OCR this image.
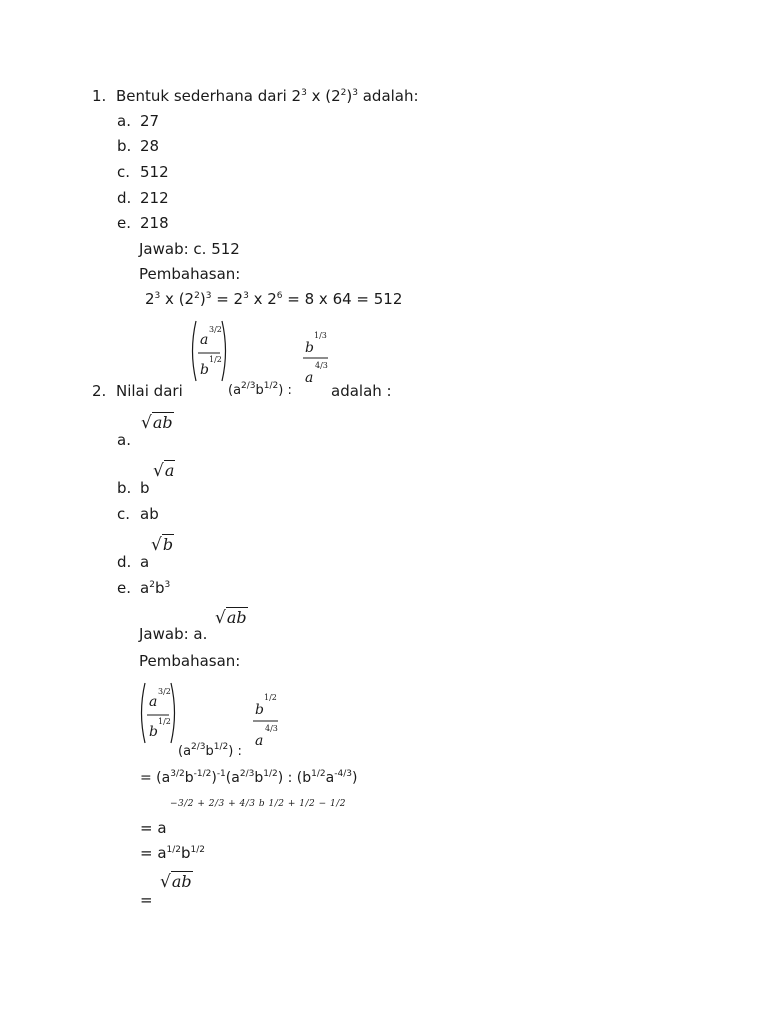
1. Bentuk sederhana dari $2^3$ x $(2^2)^3$ adalah:
a. 27
b. 28
c. 512
d. 212
e. 218
Jawab: c. 512
Pembahasan:
$2^3$ x $(2^2)^3 = 2^3$ x $2^6 = 8$ x 64 = 512
a
3/2
b
1/2
b
1/3
a
4/3
2. Nilai dari	$(a^{2/3}b^{1/2})$ :	adalah :
√ab
a.
√a
b. b
c. ab
√b
d. a
e. $a^2b^3$
√ab
Jawab: a.
Pembahasan:
a
3/2
b
1/2
b
1/2
a
4/3
$(a^{2/3}b^{1/2})$ :
= $(a^{3/2}b^{-1/2})^{-1}(a^{2/3}b^{1/2})$ : $(b^{1/2}a^{-4/3})$
= a
−3/2 + 2/3 + 4/3 b 1/2 + 1/2 − 1/2
= $a^{1/2}b^{1/2}$
√ab
=
